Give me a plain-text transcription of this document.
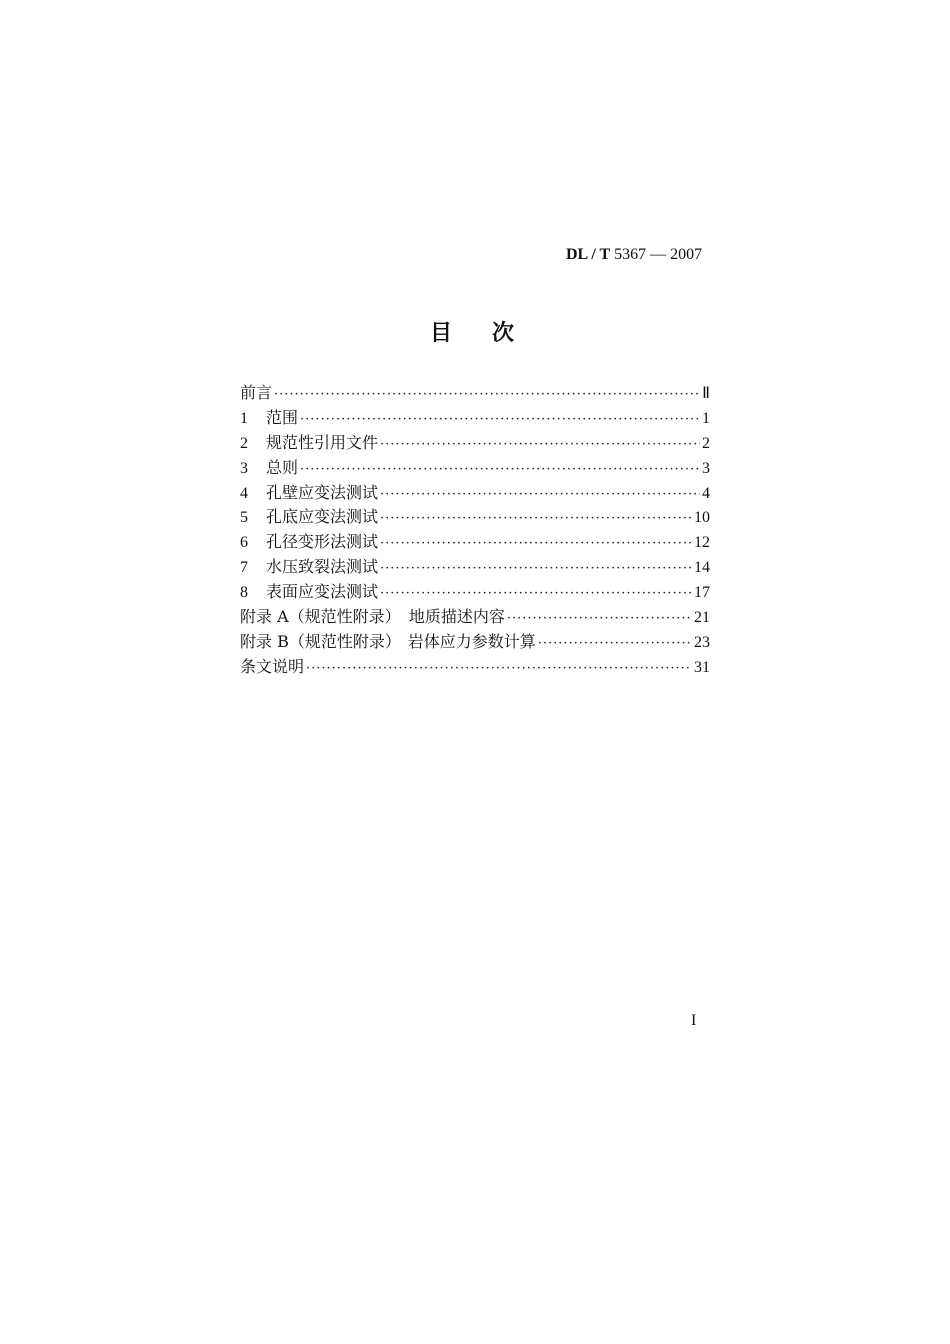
DL / T 5367 — 2007
目次
前言 ·····	Ⅱ
1	范围 ·····	1
2	规范性引用文件 ·····	2
3	总则 ·····	3
4	孔壁应变法测试 ·····	4
5	孔底应变法测试 ·····	10
6	孔径变形法测试 ·····	12
7	水压致裂法测试 ·····	14
8	表面应变法测试 ·····	17
附录 A（规范性附录） 地质描述内容 ·····	21
附录 B（规范性附录） 岩体应力参数计算 ·····	23
条文说明 ·····	31
I
